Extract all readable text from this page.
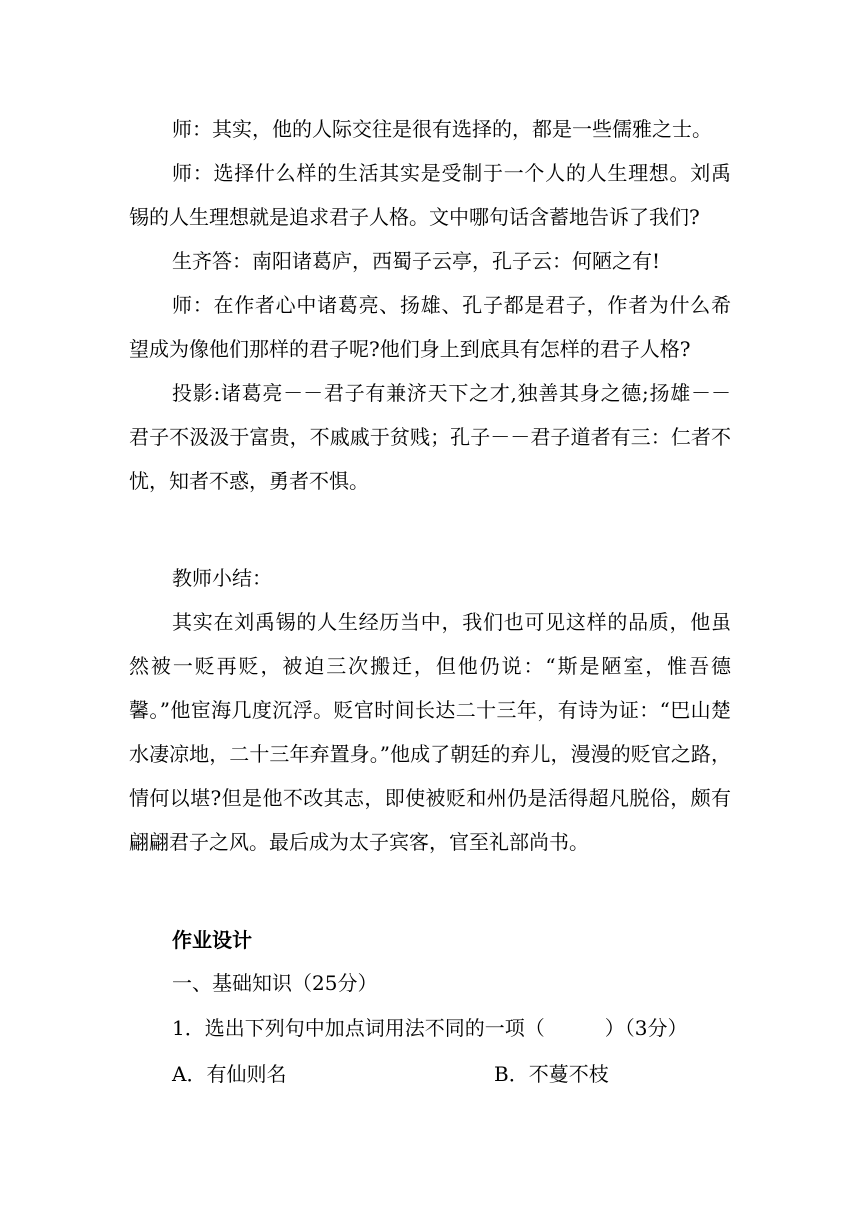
师：其实，他的人际交往是很有选择的，都是一些儒雅之士。
师：选择什么样的生活其实是受制于一个人的人生理想。刘禹锡的人生理想就是追求君子人格。文中哪句话含蓄地告诉了我们?
生齐答：南阳诸葛庐，西蜀子云亭，孔子云：何陋之有!
师：在作者心中诸葛亮、扬雄、孔子都是君子，作者为什么希望成为像他们那样的君子呢?他们身上到底具有怎样的君子人格?
投影:诸葛亮－－君子有兼济天下之才,独善其身之德;扬雄－－君子不汲汲于富贵，不戚戚于贫贱；孔子－－君子道者有三：仁者不忧，知者不惑，勇者不惧。
教师小结：
其实在刘禹锡的人生经历当中，我们也可见这样的品质，他虽然被一贬再贬，被迫三次搬迁，但他仍说：“斯是陋室，惟吾德馨。”他宦海几度沉浮。贬官时间长达二十三年，有诗为证：“巴山楚水凄凉地，二十三年弃置身。”他成了朝廷的弃儿，漫漫的贬官之路，情何以堪?但是他不改其志，即使被贬和州仍是活得超凡脱俗，颇有翩翩君子之风。最后成为太子宾客，官至礼部尚书。
作业设计
一、基础知识（25分）
1．选出下列句中加点词用法不同的一项（　　　）（3分）
A．有仙则名	B．不蔓不枝
